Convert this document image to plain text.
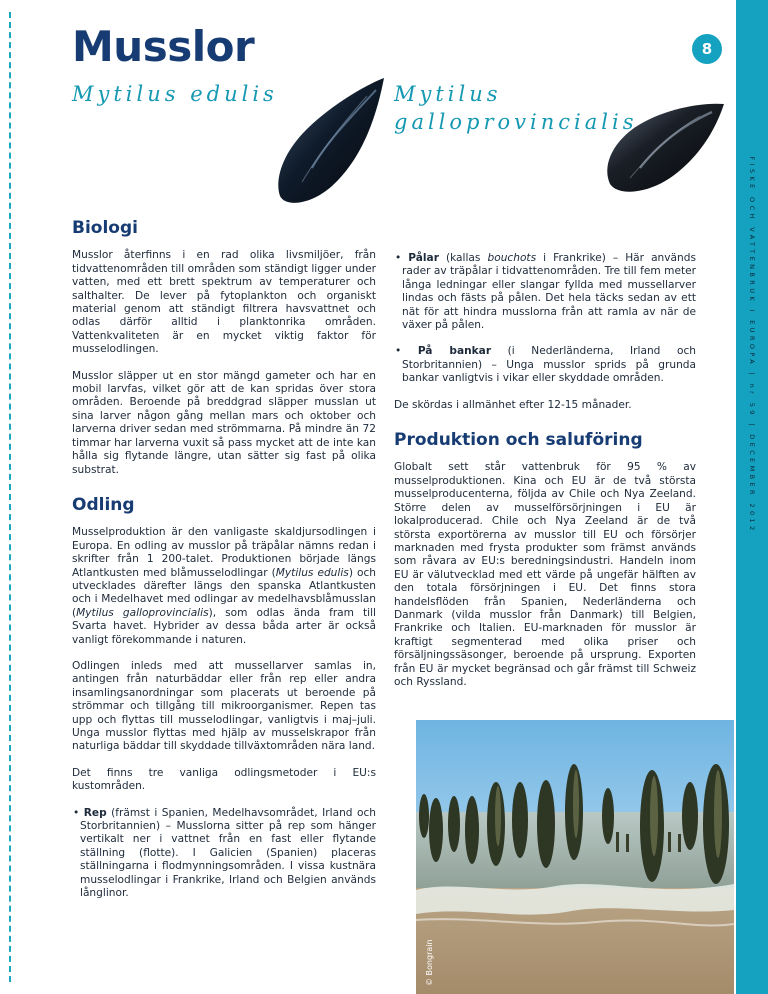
FISKE OCH VATTENBRUK I EUROPA | nr 59 | DECEMBER 2012
Musslor	8
Mytilus edulis	Mytilus galloprovincialis
Biologi

Musslor återfinns i en rad olika livsmiljöer, från tidvattenområden till områden som ständigt ligger under vatten, med ett brett spektrum av temperaturer och salthalter. De lever på fytoplankton och organiskt material genom att ständigt filtrera havsvattnet och odlas därför alltid i planktonrika områden. Vattenkvaliteten är en mycket viktig faktor för musselodlingen.

Musslor släpper ut en stor mängd gameter och har en mobil larvfas, vilket gör att de kan spridas över stora områden. Beroende på breddgrad släpper musslan ut sina larver någon gång mellan mars och oktober och larverna driver sedan med strömmarna. På mindre än 72 timmar har larverna vuxit så pass mycket att de inte kan hålla sig flytande längre, utan sätter sig fast på olika substrat.

Odling

Musselproduktion är den vanligaste skaldjursodlingen i Europa. En odling av musslor på träpålar nämns redan i skrifter från 1 200-talet. Produktionen började längs Atlantkusten med blåmusselodlingar (Mytilus edulis) och utvecklades därefter längs den spanska Atlantkusten och i Medelhavet med odlingar av medelhavsblåmusslan (Mytilus galloprovincialis), som odlas ända fram till Svarta havet. Hybrider av dessa båda arter är också vanligt förekommande i naturen.

Odlingen inleds med att mussellarver samlas in, antingen från naturbäddar eller från rep eller andra insamlingsanordningar som placerats ut beroende på strömmar och tillgång till mikroorganismer. Repen tas upp och flyttas till musselodlingar, vanligtvis i maj–juli. Unga musslor flyttas med hjälp av musselskrapor från naturliga bäddar till skyddade tillväxtområden nära land.

Det finns tre vanliga odlingsmetoder i EU:s kustområden.

• Rep (främst i Spanien, Medelhavsområdet, Irland och Storbritannien) – Musslorna sitter på rep som hänger vertikalt ner i vattnet från en fast eller flytande ställning (flotte). I Galicien (Spanien) placeras ställningarna i flodmynningsområden. I vissa kustnära musselodlingar i Frankrike, Irland och Belgien används långlinor.

• Pålar (kallas bouchots i Frankrike) – Här används rader av träpålar i tidvattenområden. Tre till fem meter långa ledningar eller slangar fyllda med mussellarver lindas och fästs på pålen. Det hela täcks sedan av ett nät för att hindra musslorna från att ramla av när de växer på pålen.

• På bankar (i Nederländerna, Irland och Storbritannien) – Unga musslor sprids på grunda bankar vanligtvis i vikar eller skyddade områden.

De skördas i allmänhet efter 12-15 månader.

Produktion och saluföring

Globalt sett står vattenbruk för 95 % av musselproduktionen. Kina och EU är de två största musselproducenterna, följda av Chile och Nya Zeeland. Större delen av musselförsörjningen i EU är lokalproducerad. Chile och Nya Zeeland är de två största exportörerna av musslor till EU och försörjer marknaden med frysta produkter som främst används som råvara av EU:s beredningsindustri. Handeln inom EU är välutvecklad med ett värde på ungefär hälften av den totala försörjningen i EU. Det finns stora handelsflöden från Spanien, Nederländerna och Danmark (vilda musslor från Danmark) till Belgien, Frankrike och Italien. EU-marknaden för musslor är kraftigt segmenterad med olika priser och försäljningssäsonger, beroende på ursprung. Exporten från EU är mycket begränsad och går främst till Schweiz och Ryssland.

© Bongrain
